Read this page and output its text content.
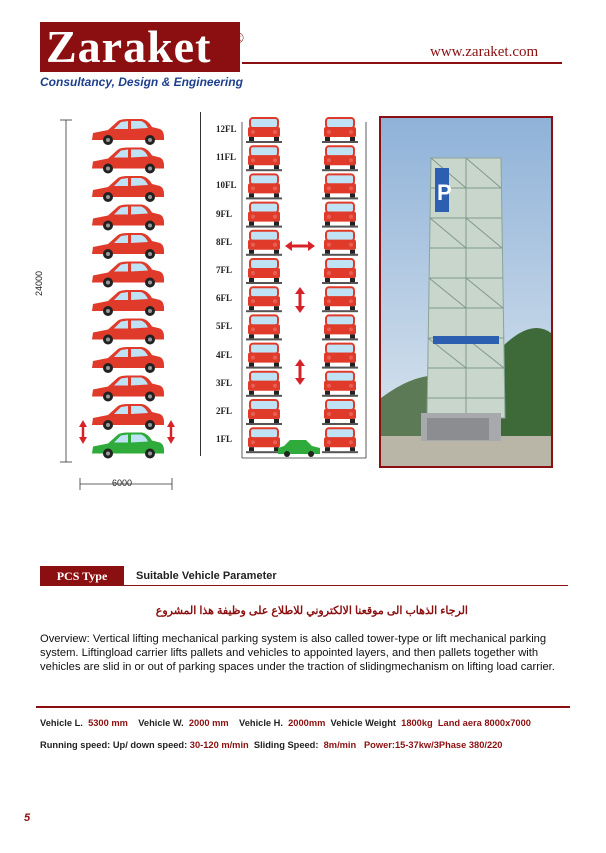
Zaraket	®
www.zaraket.com
Consultancy, Design & Engineering
24000
6000
12FL
11FL
10FL
9FL
8FL
7FL
6FL
5FL
4FL
3FL
2FL
1FL
P
PCS Type	Suitable Vehicle Parameter
الرجاء الذهاب الى موقعنا الالكتروني للاطلاع على وظيفة هذا المشروع
Overview: Vertical lifting mechanical parking system is also called tower-type or lift mechanical parking system. Liftingload carrier lifts pallets and vehicles to appointed layers, and then pallets together with vehicles are slid in or out of parking spaces under the traction of slidingmechanism on lifting load carrier.
Vehicle L. 5300 mm Vehicle W. 2000 mm Vehicle H. 2000mm Vehicle Weight 1800kg Land aera 8000x7000
Running speed: Up/ down speed: 30-120 m/min Sliding Speed: 8m/min Power:15-37kw/3Phase 380/220
5
